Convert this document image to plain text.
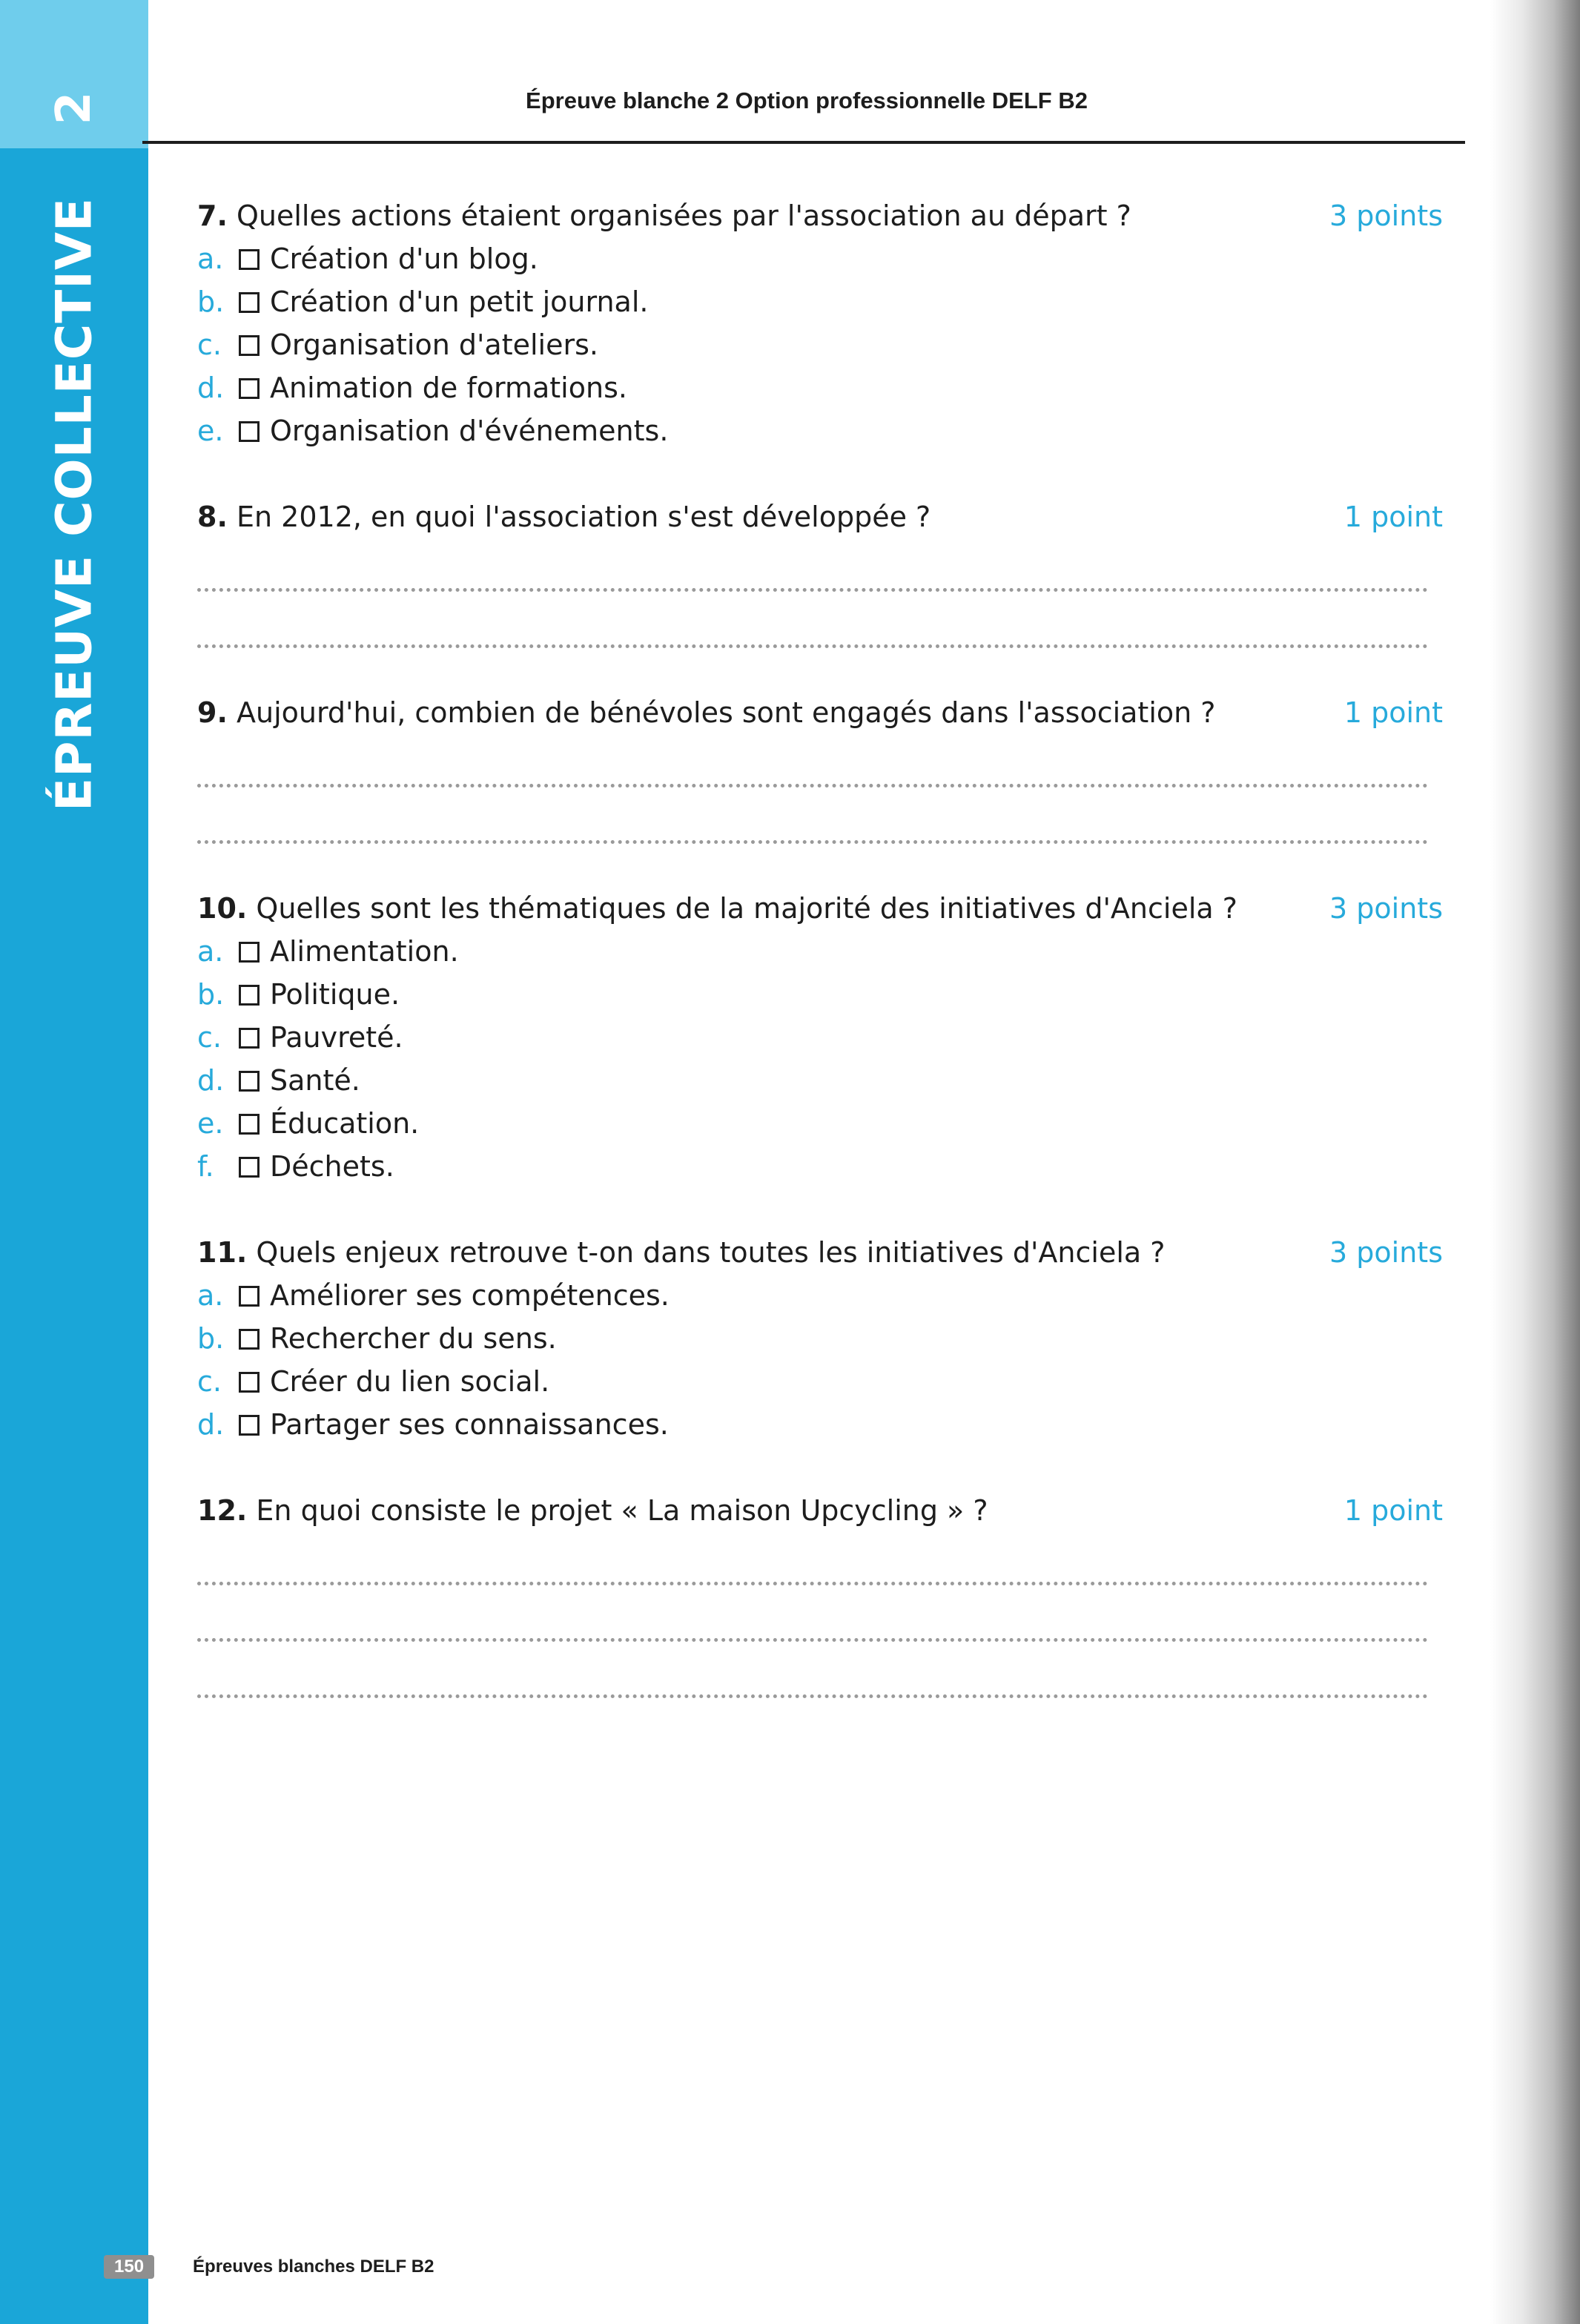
2
ÉPREUVE COLLECTIVE
Épreuve blanche 2 Option professionnelle DELF B2
7. Quelles actions étaient organisées par l'association au départ ?	3 points
a.	Création d'un blog.
b.	Création d'un petit journal.
c.	Organisation d'ateliers.
d.	Animation de formations.
e.	Organisation d'événements.
8. En 2012, en quoi l'association s'est développée ?	1 point
9. Aujourd'hui, combien de bénévoles sont engagés dans l'association ?	1 point
10. Quelles sont les thématiques de la majorité des initiatives d'Anciela ?	3 points
a.	Alimentation.
b.	Politique.
c.	Pauvreté.
d.	Santé.
e.	Éducation.
f.	Déchets.
11. Quels enjeux retrouve t-on dans toutes les initiatives d'Anciela ?	3 points
a.	Améliorer ses compétences.
b.	Rechercher du sens.
c.	Créer du lien social.
d.	Partager ses connaissances.
12. En quoi consiste le projet « La maison Upcycling » ?	1 point
150	Épreuves blanches DELF B2
